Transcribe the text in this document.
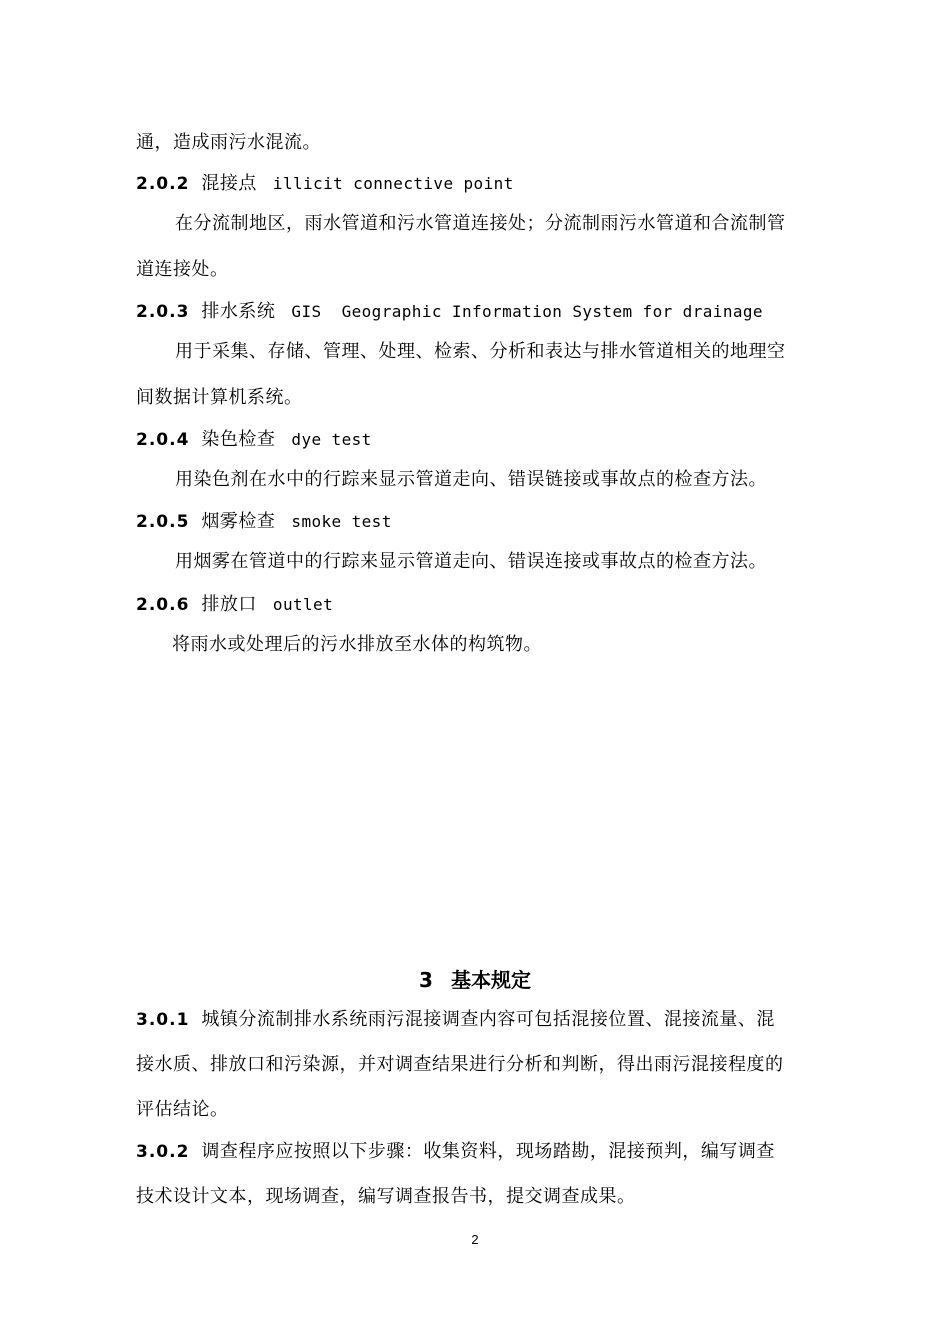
通，造成雨污水混流。
2.0.2 混接点 illicit connective point
在分流制地区，雨水管道和污水管道连接处；分流制雨污水管道和合流制管
道连接处。
2.0.3 排水系统 GIS  Geographic Information System for drainage
用于采集、存储、管理、处理、检索、分析和表达与排水管道相关的地理空
间数据计算机系统。
2.0.4 染色检查 dye test
用染色剂在水中的行踪来显示管道走向、错误链接或事故点的检查方法。
2.0.5 烟雾检查 smoke test
用烟雾在管道中的行踪来显示管道走向、错误连接或事故点的检查方法。
2.0.6 排放口 outlet
将雨水或处理后的污水排放至水体的构筑物。
3 基本规定
3.0.1 城镇分流制排水系统雨污混接调查内容可包括混接位置、混接流量、混
接水质、排放口和污染源，并对调查结果进行分析和判断，得出雨污混接程度的
评估结论。
3.0.2 调查程序应按照以下步骤：收集资料，现场踏勘，混接预判，编写调查
技术设计文本，现场调查，编写调查报告书，提交调查成果。
2
